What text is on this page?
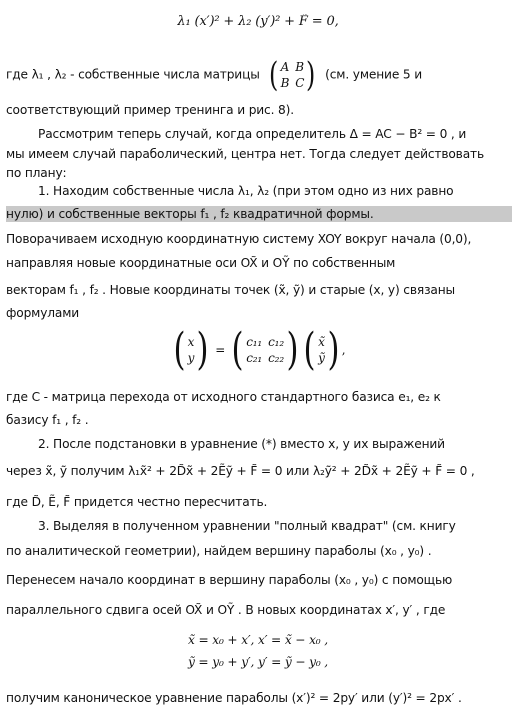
λ₁ (x′)² + λ₂ (y′)² + F̃ = 0,
где λ₁ , λ₂ - собственные числа матрицы ( A B
B C ) (см. умение 5 и
соответствующий пример тренинга и рис. 8).
Рассмотрим теперь случай, когда определитель Δ = AC − B² = 0 , и
мы имеем случай параболический, центра нет. Тогда следует действовать
по плану:
1. Находим собственные числа λ₁, λ₂ (при этом одно из них равно
нулю) и собственные векторы f₁ , f₂ квадратичной формы.
Поворачиваем исходную координатную систему XOY вокруг начала (0,0),
направляя новые координатные оси OX̃ и OỸ по собственным
векторам f₁ , f₂ . Новые координаты точек (x̃, ỹ) и старые (x, y) связаны
формулами
( x
y ) = ( c₁₁ c₁₂
c₂₁ c₂₂ ) ( x̃
ỹ ) ,
где C - матрица перехода от исходного стандартного базиса e₁, e₂ к
базису f₁ , f₂ .
2. После подстановки в уравнение (*) вместо x, y их выражений
через x̃, ỹ получим λ₁x̃² + 2D̃x̃ + 2Ẽỹ + F̃ = 0 или λ₂ỹ² + 2D̃x̃ + 2Ẽỹ + F̃ = 0 ,
где D̃, Ẽ, F̃ придется честно пересчитать.
3. Выделяя в полученном уравнении "полный квадрат" (см. книгу
по аналитической геометрии), найдем вершину параболы (x₀ , y₀) .
Перенесем начало координат в вершину параболы (x₀ , y₀) с помощью
параллельного сдвига осей OX̃ и OỸ . В новых координатах x′, y′ , где
x̃ = x₀ + x′, x′ = x̃ − x₀ ,
ỹ = y₀ + y′, y′ = ỹ − y₀ ,
получим каноническое уравнение параболы (x′)² = 2py′ или (y′)² = 2px′ .
